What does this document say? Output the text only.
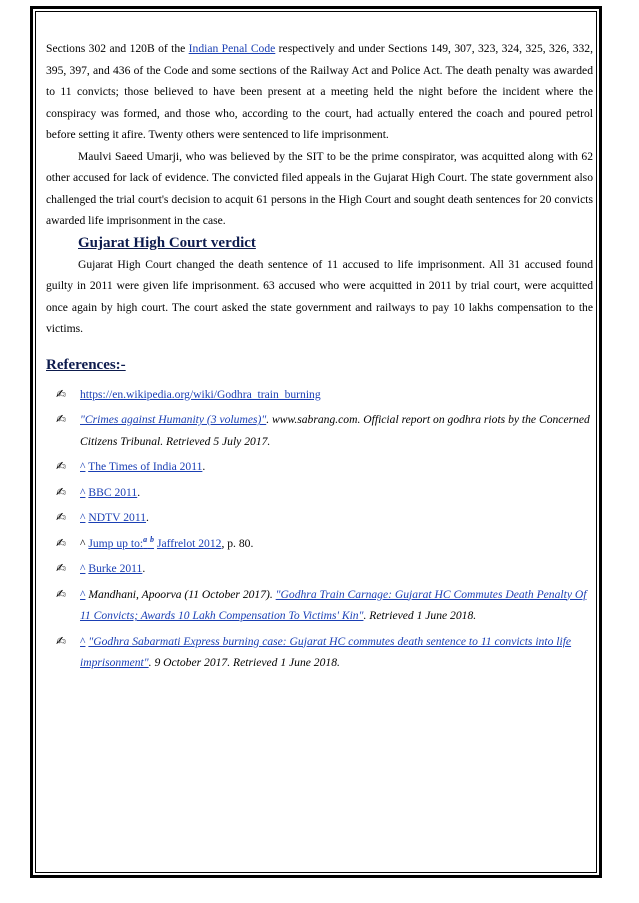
Sections 302 and 120B of the Indian Penal Code respectively and under Sections 149, 307, 323, 324, 325, 326, 332, 395, 397, and 436 of the Code and some sections of the Railway Act and Police Act. The death penalty was awarded to 11 convicts; those believed to have been present at a meeting held the night before the incident where the conspiracy was formed, and those who, according to the court, had actually entered the coach and poured petrol before setting it afire. Twenty others were sentenced to life imprisonment.

Maulvi Saeed Umarji, who was believed by the SIT to be the prime conspirator, was acquitted along with 62 other accused for lack of evidence. The convicted filed appeals in the Gujarat High Court. The state government also challenged the trial court's decision to acquit 61 persons in the High Court and sought death sentences for 20 convicts awarded life imprisonment in the case.

Gujarat High Court verdict

Gujarat High Court changed the death sentence of 11 accused to life imprisonment. All 31 accused found guilty in 2011 were given life imprisonment. 63 accused who were acquitted in 2011 by trial court, were acquitted once again by high court. The court asked the state government and railways to pay 10 lakhs compensation to the victims.

References:-
✍	https://en.wikipedia.org/wiki/Godhra_train_burning
✍	"Crimes against Humanity (3 volumes)". www.sabrang.com. Official report on godhra riots by the Concerned Citizens Tribunal. Retrieved 5 July 2017.
✍	^ The Times of India 2011.
✍	^ BBC 2011.
✍	^ NDTV 2011.
✍	^ Jump up to:$^a$ $^b$ Jaffrelot 2012, p. 80.
✍	^ Burke 2011.
✍	^ Mandhani, Apoorva (11 October 2017). "Godhra Train Carnage: Gujarat HC Commutes Death Penalty Of 11 Convicts; Awards 10 Lakh Compensation To Victims' Kin". Retrieved 1 June 2018.
✍	^ "Godhra Sabarmati Express burning case: Gujarat HC commutes death sentence to 11 convicts into life imprisonment". 9 October 2017. Retrieved 1 June 2018.
